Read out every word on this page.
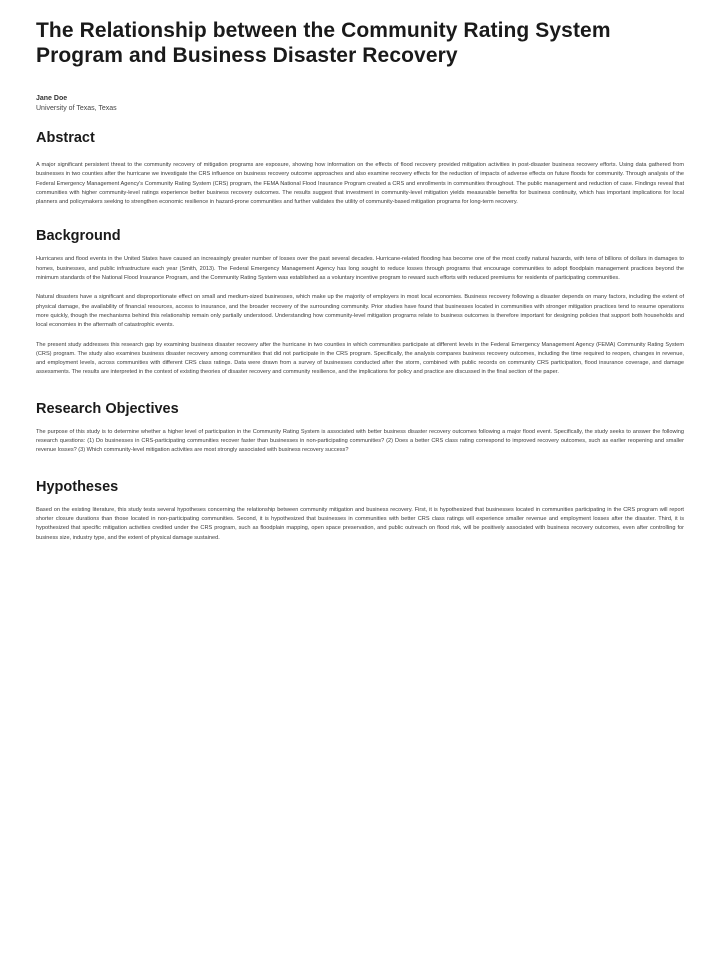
The Relationship between the Community Rating System Program and Business Disaster Recovery
Jane Doe
University of Texas, Texas
Abstract

A major significant persistent threat to the community recovery of mitigation programs are exposure, showing how information on the effects of flood recovery provided mitigation activities in post-disaster business recovery efforts. Using data gathered from businesses in two counties after the hurricane we investigate the CRS influence on business recovery outcome approaches and also examine recovery effects for the reduction of impacts of adverse effects on future floods for community. Through analysis of the Federal Emergency Management Agency's Community Rating System (CRS) program, the FEMA National Flood Insurance Program created a CRS and enrollments in communities throughout. The public management and reduction of case. Findings reveal that communities with higher community-level ratings experience better business recovery outcomes. The results suggest that investment in community-level mitigation yields measurable benefits for business continuity, which has important implications for local planners and policymakers seeking to strengthen economic resilience in hazard-prone communities and further validates the utility of community-based mitigation programs for long-term recovery.

Background

Hurricanes and flood events in the United States have caused an increasingly greater number of losses over the past several decades. Hurricane-related flooding has become one of the most costly natural hazards, with tens of billions of dollars in damages to homes, businesses, and public infrastructure each year (Smith, 2013). The Federal Emergency Management Agency has long sought to reduce losses through programs that encourage communities to adopt floodplain management practices beyond the minimum standards of the National Flood Insurance Program, and the Community Rating System was established as a voluntary incentive program to reward such efforts with reduced premiums for residents of participating communities.

Natural disasters have a significant and disproportionate effect on small and medium-sized businesses, which make up the majority of employers in most local economies. Business recovery following a disaster depends on many factors, including the extent of physical damage, the availability of financial resources, access to insurance, and the broader recovery of the surrounding community. Prior studies have found that businesses located in communities with stronger mitigation practices tend to resume operations more quickly, though the mechanisms behind this relationship remain only partially understood. Understanding how community-level mitigation programs relate to business outcomes is therefore important for designing policies that support both households and local economies in the aftermath of catastrophic events.

The present study addresses this research gap by examining business disaster recovery after the hurricane in two counties in which communities participate at different levels in the Federal Emergency Management Agency (FEMA) Community Rating System (CRS) program. The study also examines business disaster recovery among communities that did not participate in the CRS program. Specifically, the analysis compares business recovery outcomes, including the time required to reopen, changes in revenue, and employment levels, across communities with different CRS class ratings. Data were drawn from a survey of businesses conducted after the storm, combined with public records on community CRS participation, flood insurance coverage, and damage assessments. The results are interpreted in the context of existing theories of disaster recovery and community resilience, and the implications for policy and practice are discussed in the final section of the paper.

Research Objectives

The purpose of this study is to determine whether a higher level of participation in the Community Rating System is associated with better business disaster recovery outcomes following a major flood event. Specifically, the study seeks to answer the following research questions: (1) Do businesses in CRS-participating communities recover faster than businesses in non-participating communities? (2) Does a better CRS class rating correspond to improved recovery outcomes, such as earlier reopening and smaller revenue losses? (3) Which community-level mitigation activities are most strongly associated with business recovery success?

Hypotheses

Based on the existing literature, this study tests several hypotheses concerning the relationship between community mitigation and business recovery. First, it is hypothesized that businesses located in communities participating in the CRS program will report shorter closure durations than those located in non-participating communities. Second, it is hypothesized that businesses in communities with better CRS class ratings will experience smaller revenue and employment losses after the disaster. Third, it is hypothesized that specific mitigation activities credited under the CRS program, such as floodplain mapping, open space preservation, and public outreach on flood risk, will be positively associated with business recovery outcomes, even after controlling for business size, industry type, and the extent of physical damage sustained.
